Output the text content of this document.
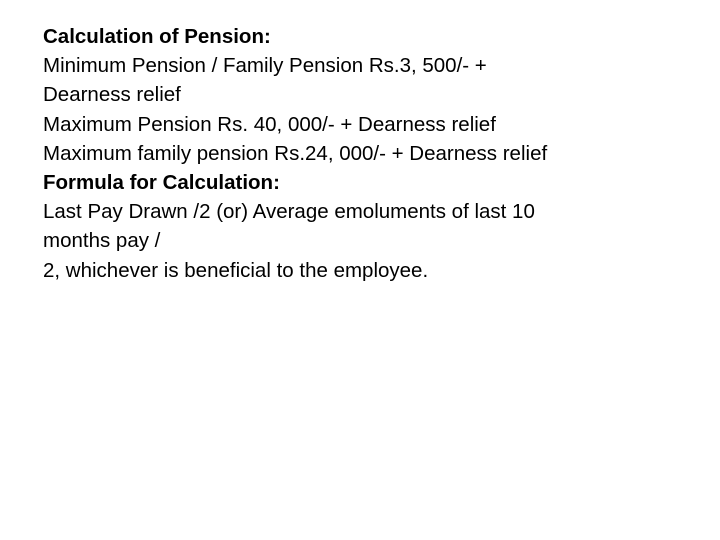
Calculation of Pension:
Minimum Pension / Family Pension Rs.3, 500/- +
Dearness relief
Maximum Pension Rs. 40, 000/- + Dearness relief
Maximum family pension Rs.24, 000/- + Dearness relief
Formula for Calculation:
Last Pay Drawn /2 (or) Average emoluments of last 10
months pay /
2, whichever is beneficial to the employee.
